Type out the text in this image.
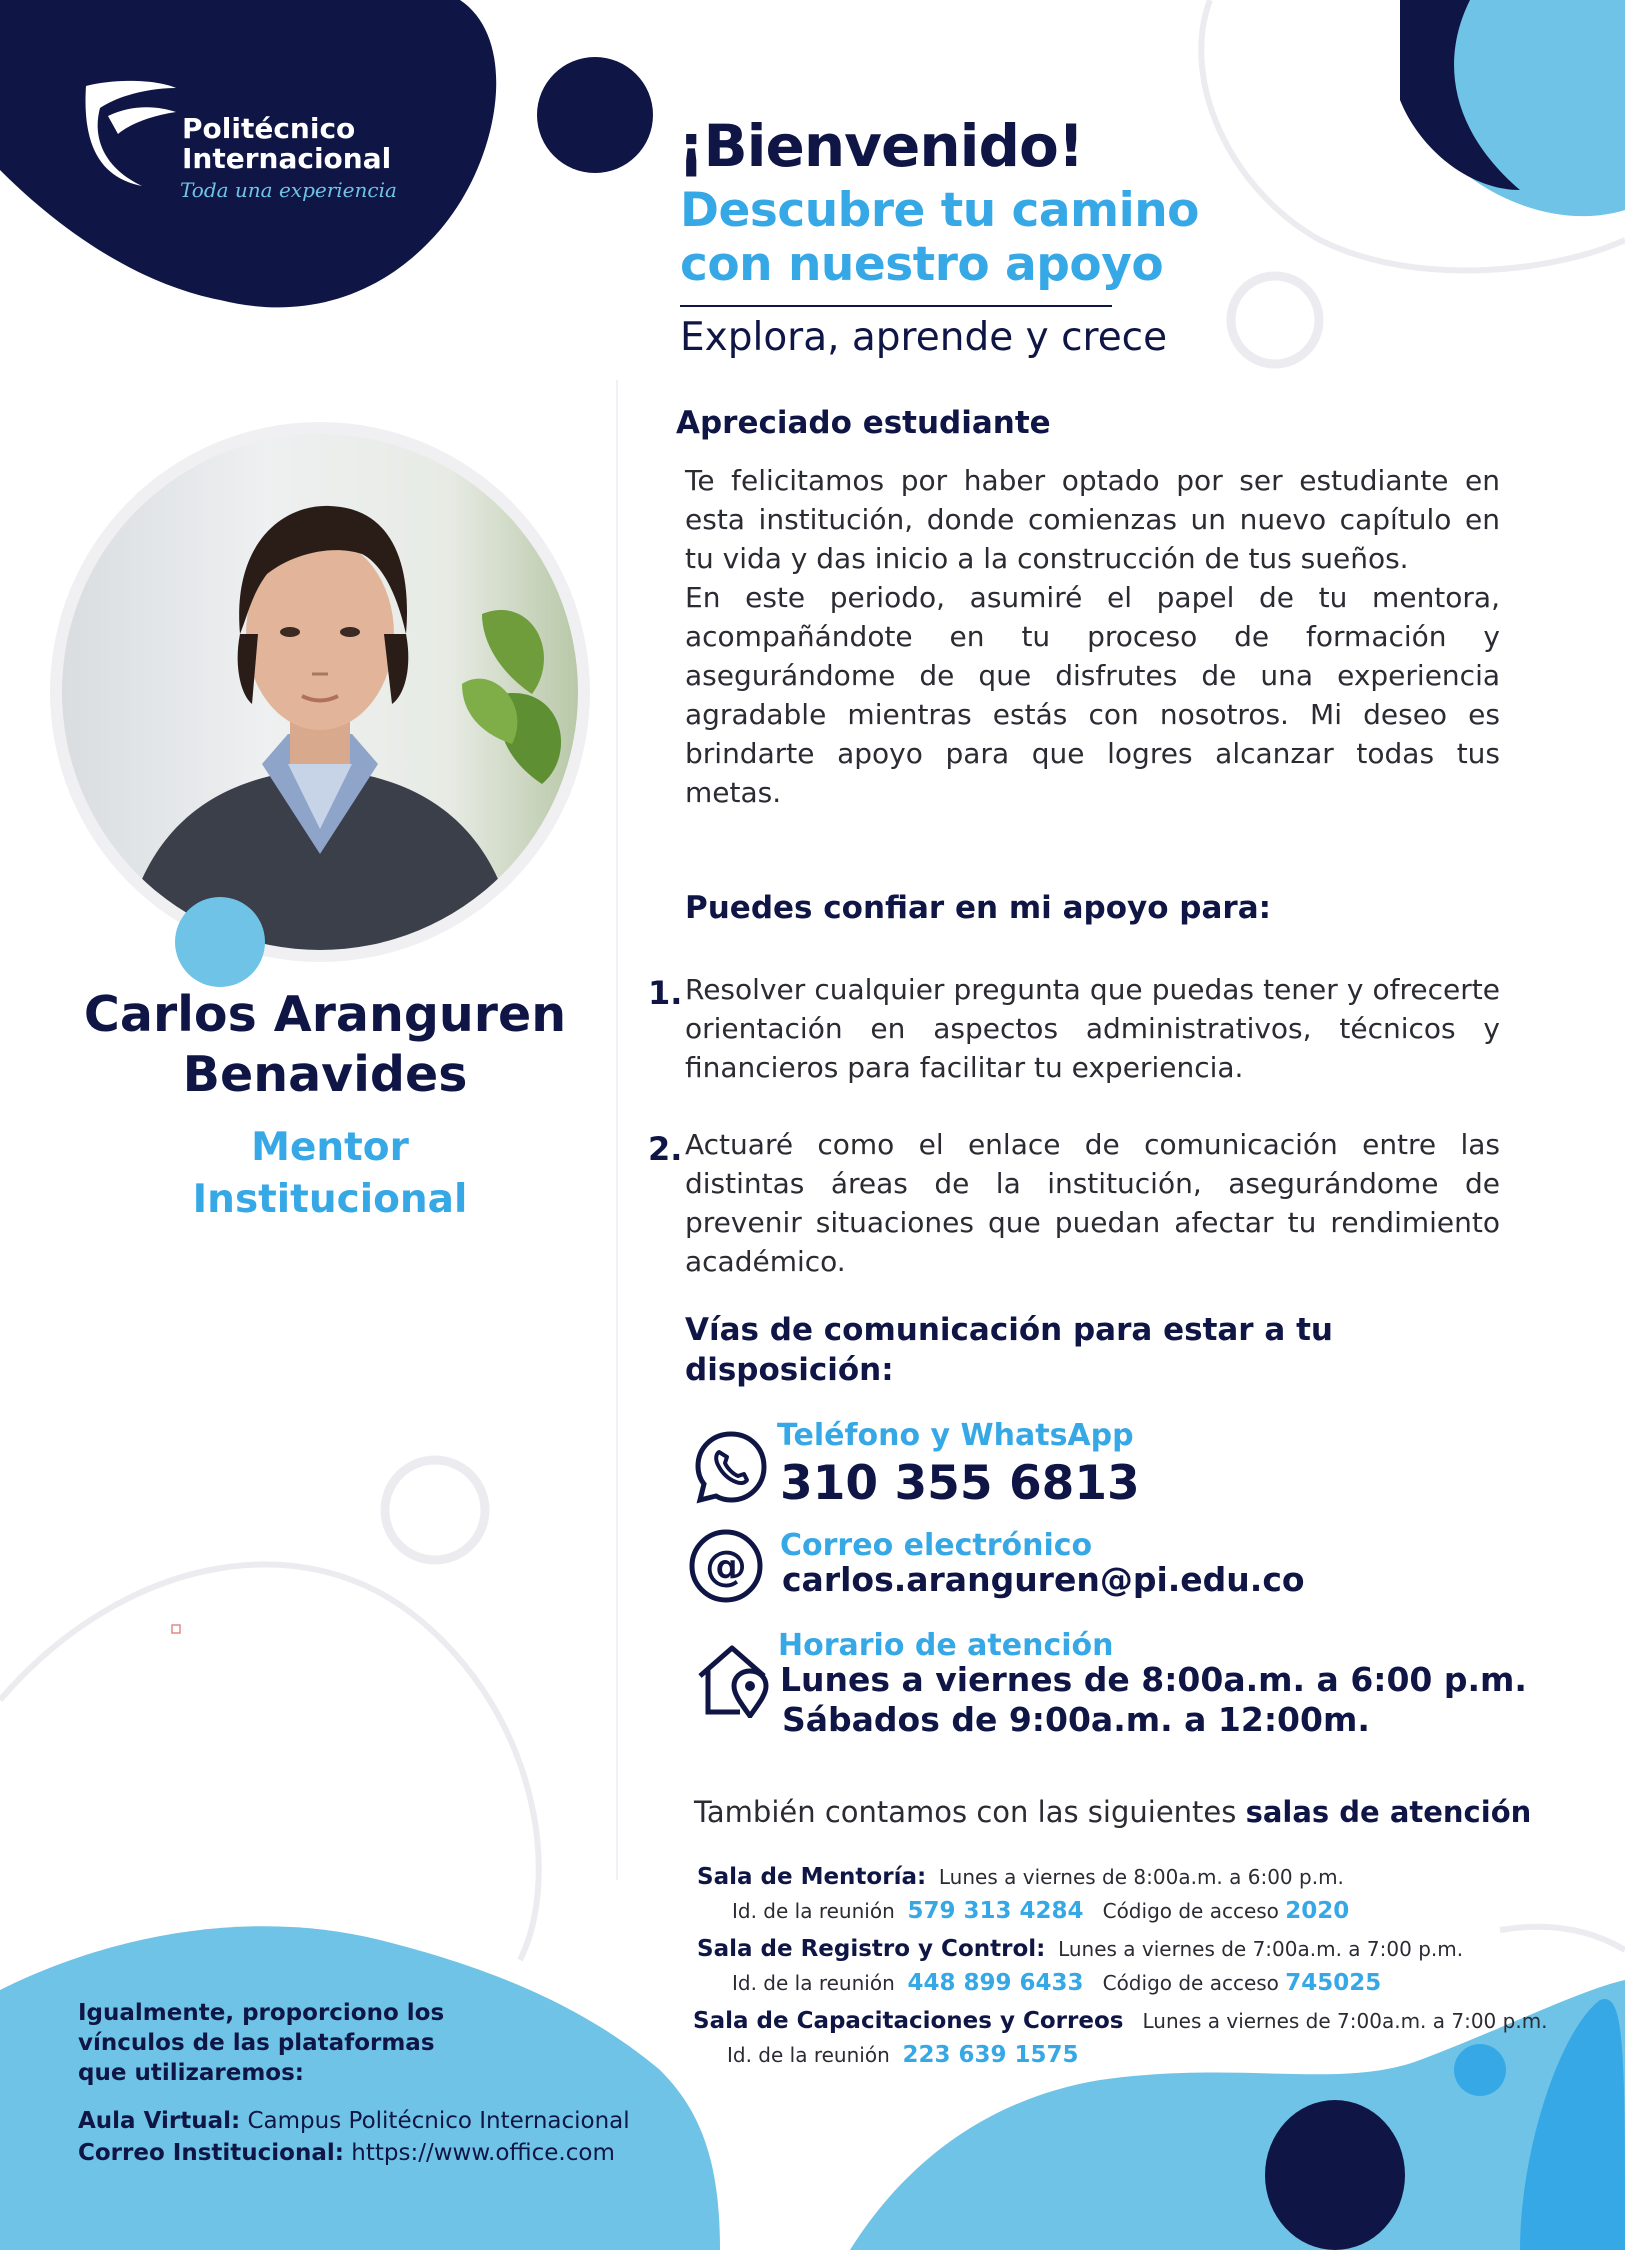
Politécnico
Internacional
Toda una experiencia
¡Bienvenido!
Descubre tu camino
con nuestro apoyo
Explora, aprende y crece
Carlos Aranguren
Benavides
Mentor
Institucional
Apreciado estudiante
Te felicitamos por haber optado por ser estudiante en esta institución, donde comienzas un nuevo capítulo en tu vida y das inicio a la construcción de tus sueños.
En este periodo, asumiré el papel de tu mentora, acompañándote en tu proceso de formación y asegurándome de que disfrutes de una experiencia agradable mientras estás con nosotros. Mi deseo es brindarte apoyo para que logres alcanzar todas tus metas.
Puedes confiar en mi apoyo para:
1. Resolver cualquier pregunta que puedas tener y ofrecerte orientación en aspectos administrativos, técnicos y financieros para facilitar tu experiencia.
2. Actuaré como el enlace de comunicación entre las distintas áreas de la institución, asegurándome de prevenir situaciones que puedan afectar tu rendimiento académico.
Vías de comunicación para estar a tu
disposición:
Teléfono y WhatsApp
310 355 6813
@ Correo electrónico
carlos.aranguren@pi.edu.co
Horario de atención
Lunes a viernes de 8:00a.m. a 6:00 p.m.
Sábados de 9:00a.m. a 12:00m.
También contamos con las siguientes salas de atención
Sala de Mentoría: Lunes a viernes de 8:00a.m. a 6:00 p.m.
Id. de la reunión 579 313 4284 Código de acceso 2020
Sala de Registro y Control: Lunes a viernes de 7:00a.m. a 7:00 p.m.
Id. de la reunión 448 899 6433 Código de acceso 745025
Sala de Capacitaciones y Correos Lunes a viernes de 7:00a.m. a 7:00 p.m.
Id. de la reunión 223 639 1575
Igualmente, proporciono los
vínculos de las plataformas
que utilizaremos:
Aula Virtual: Campus Politécnico Internacional
Correo Institucional: https://www.office.com
